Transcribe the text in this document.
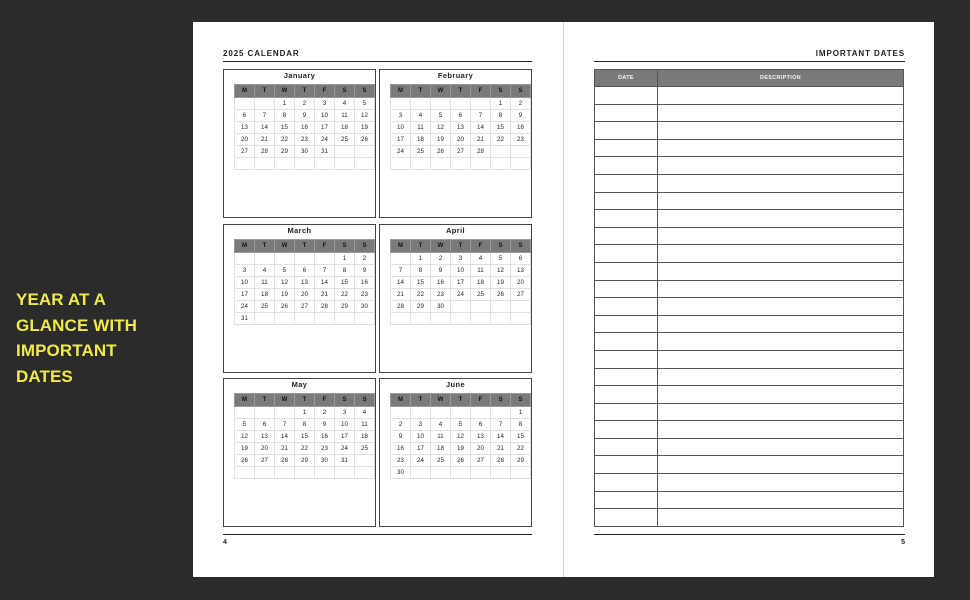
YEAR AT A
GLANCE WITH
IMPORTANT
DATES
2025 CALENDAR
January
M	T	W	T	F	S	S
		1	2	3	4	5
6	7	8	9	10	11	12
13	14	15	16	17	18	19
20	21	22	23	24	25	26
27	28	29	30	31		

February
M	T	W	T	F	S	S
					1	2
3	4	5	6	7	8	9
10	11	12	13	14	15	16
17	18	19	20	21	22	23
24	25	26	27	28		

March
M	T	W	T	F	S	S
					1	2
3	4	5	6	7	8	9
10	11	12	13	14	15	16
17	18	19	20	21	22	23
24	25	26	27	28	29	30
31						
April
M	T	W	T	F	S	S
	1	2	3	4	5	6
7	8	9	10	11	12	13
14	15	16	17	18	19	20
21	22	23	24	25	26	27
28	29	30				

May
M	T	W	T	F	S	S
			1	2	3	4
5	6	7	8	9	10	11
12	13	14	15	16	17	18
19	20	21	22	23	24	25
26	27	28	29	30	31	

June
M	T	W	T	F	S	S
						1
2	3	4	5	6	7	8
9	10	11	12	13	14	15
16	17	18	19	20	21	22
23	24	25	26	27	28	29
30						
4
IMPORTANT DATES
DATE	DESCRIPTION

5
